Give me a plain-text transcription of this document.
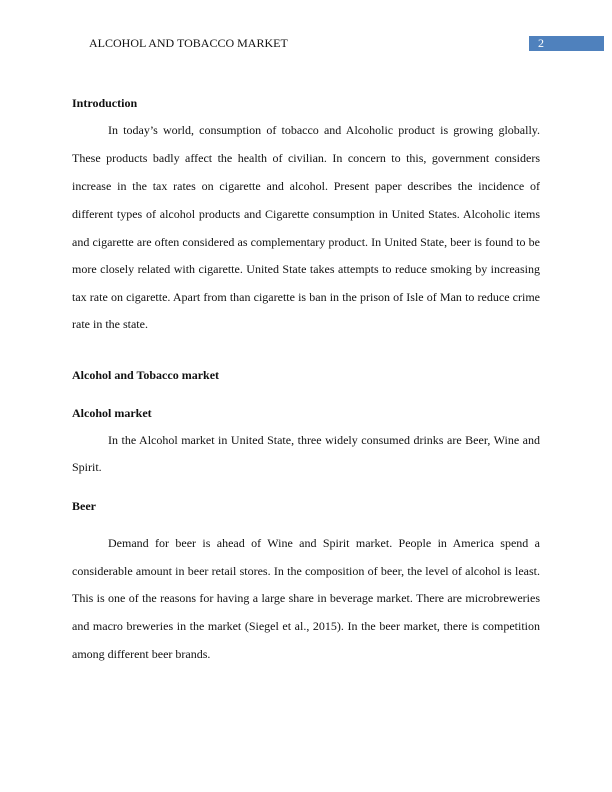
ALCOHOL AND TOBACCO MARKET	2
Introduction
In today’s world, consumption of tobacco and Alcoholic product is growing globally.
These products badly affect the health of civilian. In concern to this, government considers
increase in the tax rates on cigarette and alcohol. Present paper describes the incidence of
different types of alcohol products and Cigarette consumption in United States. Alcoholic items
and cigarette are often considered as complementary product. In United State, beer is found to be
more closely related with cigarette. United State takes attempts to reduce smoking by increasing
tax rate on cigarette. Apart from than cigarette is ban in the prison of Isle of Man to reduce crime
rate in the state.
Alcohol and Tobacco market
Alcohol market
In the Alcohol market in United State, three widely consumed drinks are Beer, Wine and
Spirit.
Beer
Demand for beer is ahead of Wine and Spirit market. People in America spend a
considerable amount in beer retail stores. In the composition of beer, the level of alcohol is least.
This is one of the reasons for having a large share in beverage market. There are microbreweries
and macro breweries in the market (Siegel et al., 2015). In the beer market, there is competition
among different beer brands.
